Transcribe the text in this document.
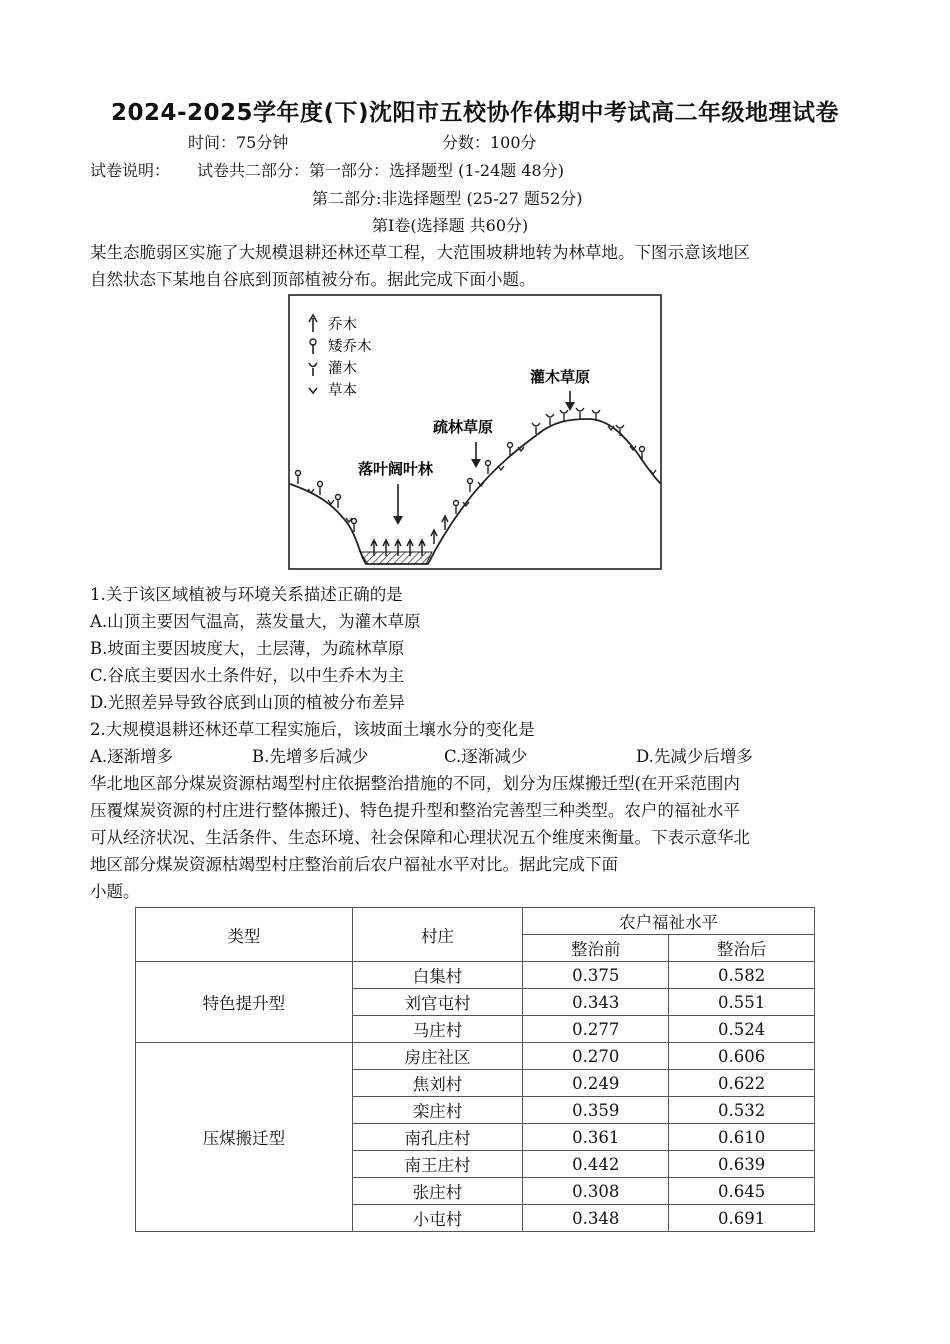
2024-2025学年度(下)沈阳市五校协作体期中考试高二年级地理试卷
时间：75分钟	分数：100分
试卷说明： 试卷共二部分：第一部分：选择题型 (1-24题 48分)
第二部分:非选择题型 (25-27 题52分)
第Ⅰ卷(选择题 共60分)
某生态脆弱区实施了大规模退耕还林还草工程，大范围坡耕地转为林草地。下图示意该地区
自然状态下某地自谷底到顶部植被分布。据此完成下面小题。
乔木
矮乔木
灌木
草本
落叶阔叶林
疏林草原
灌木草原
1.关于该区域植被与环境关系描述正确的是
A.山顶主要因气温高，蒸发量大，为灌木草原
B.坡面主要因坡度大，土层薄，为疏林草原
C.谷底主要因水土条件好，以中生乔木为主
D.光照差异导致谷底到山顶的植被分布差异
2.大规模退耕还林还草工程实施后，该坡面土壤水分的变化是
A.逐渐增多	B.先增多后减少	C.逐渐减少	D.先减少后增多
华北地区部分煤炭资源枯竭型村庄依据整治措施的不同，划分为压煤搬迁型(在开采范围内
压覆煤炭资源的村庄进行整体搬迁)、特色提升型和整治完善型三种类型。农户的福祉水平
可从经济状况、生活条件、生态环境、社会保障和心理状况五个维度来衡量。下表示意华北
地区部分煤炭资源枯竭型村庄整治前后农户福祉水平对比。据此完成下面
小题。
类型	村庄	农户福祉水平	
		整治前	整治后
特色提升型	白集村	0.375	0.582
	刘官屯村	0.343	0.551
	马庄村	0.277	0.524
压煤搬迁型	房庄社区	0.270	0.606
	焦刘村	0.249	0.622
	栾庄村	0.359	0.532
	南孔庄村	0.361	0.610
	南王庄村	0.442	0.639
	张庄村	0.308	0.645
	小屯村	0.348	0.691
